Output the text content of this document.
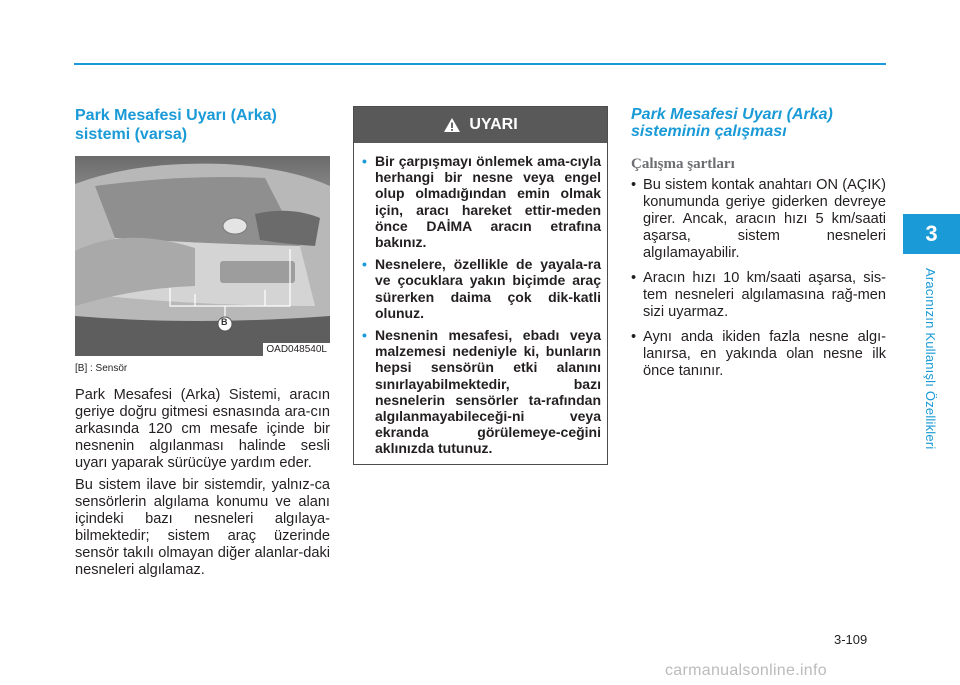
3
Aracınızın Kullanışlı Özellikleri
Park Mesafesi Uyarı (Arka)
sistemi (varsa)
B
OAD048540L
[B] : Sensör

Park Mesafesi (Arka) Sistemi, aracın geriye doğru gitmesi esnasında ara-cın arkasında 120 cm mesafe içinde bir nesnenin algılanması halinde sesli uyarı yaparak sürücüye yardım eder.

Bu sistem ilave bir sistemdir, yalnız-ca sensörlerin algılama konumu ve alanı içindeki bazı nesneleri algılaya-bilmektedir; sistem araç üzerinde sensör takılı olmayan diğer alanlar-daki nesneleri algılamaz.

UYARI
• Bir çarpışmayı önlemek ama-cıyla herhangi bir nesne veya engel olup olmadığından emin olmak için, aracı hareket ettir-meden önce DAİMA aracın etrafına bakınız.
• Nesnelere, özellikle de yayala-ra ve çocuklara yakın biçimde araç sürerken daima çok dik-katli olunuz.
• Nesnenin mesafesi, ebadı veya malzemesi nedeniyle ki, bunların hepsi sensörün etki alanını sınırlayabilmektedir, bazı nesnelerin sensörler ta-rafından algılanmayabileceği-ni veya ekranda görülemeye-ceğini aklınızda tutunuz.
Park Mesafesi Uyarı (Arka)
sisteminin çalışması
Çalışma şartları
• Bu sistem kontak anahtarı ON (AÇIK) konumunda geriye giderken devreye girer. Ancak, aracın hızı 5 km/saati aşarsa, sistem nesneleri algılamayabilir.
• Aracın hızı 10 km/saati aşarsa, sis-tem nesneleri algılamasına rağ-men sizi uyarmaz.
• Aynı anda ikiden fazla nesne algı-lanırsa, en yakında olan nesne ilk önce tanınır.
3-109
carmanualsonline.info
